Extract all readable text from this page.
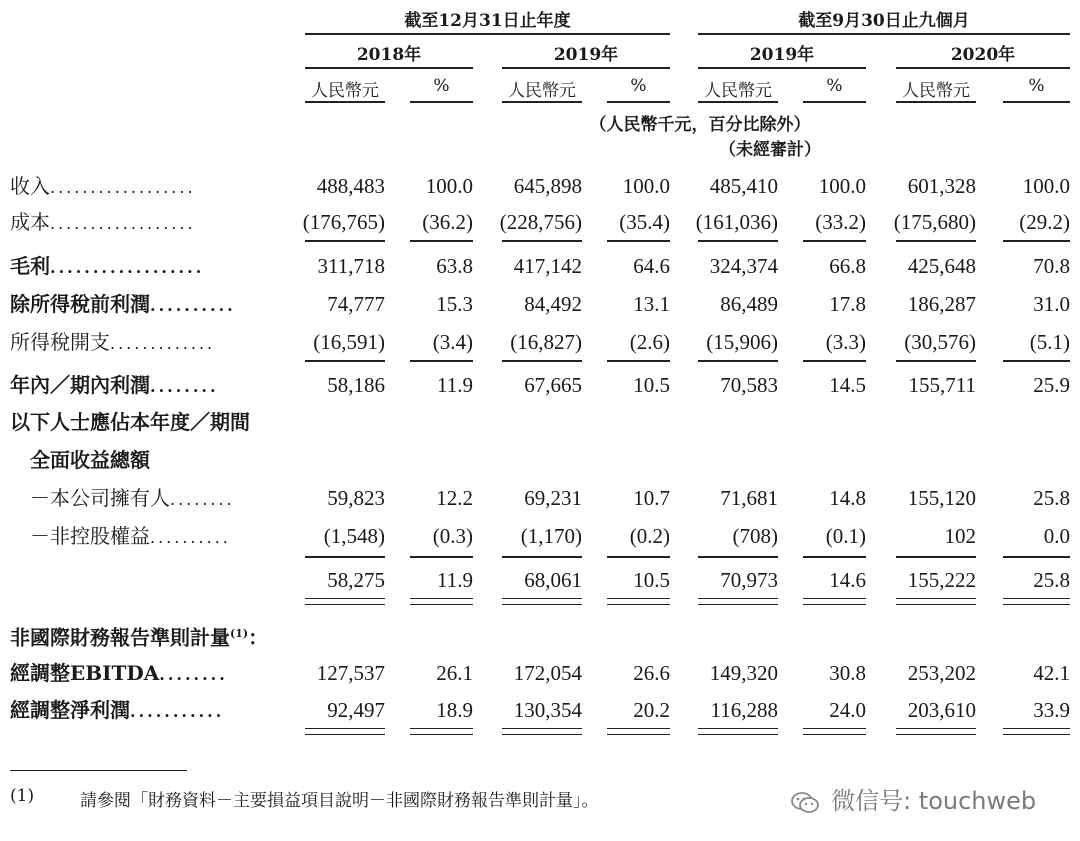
截至12月31日止年度	截至9月30日止九個月
2018年	2019年	2019年	2020年
人民幣元	%	人民幣元	%	人民幣元	%	人民幣元	%
（人民幣千元，百分比除外）
（未經審計）
收入..................	488,483	100.0	645,898	100.0	485,410	100.0	601,328	100.0
成本..................	(176,765)	(36.2)	(228,756)	(35.4)	(161,036)	(33.2)	(175,680)	(29.2)
毛利..................	311,718	63.8	417,142	64.6	324,374	66.8	425,648	70.8
除所得稅前利潤..........	74,777	15.3	84,492	13.1	86,489	17.8	186,287	31.0
所得稅開支.............	(16,591)	(3.4)	(16,827)	(2.6)	(15,906)	(3.3)	(30,576)	(5.1)
年內／期內利潤........	58,186	11.9	67,665	10.5	70,583	14.5	155,711	25.9
以下人士應佔本年度／期間
　全面收益總額
　－本公司擁有人........	59,823	12.2	69,231	10.7	71,681	14.8	155,120	25.8
　－非控股權益..........	(1,548)	(0.3)	(1,170)	(0.2)	(708)	(0.1)	102	0.0
58,275	11.9	68,061	10.5	70,973	14.6	155,222	25.8
非國際財務報告準則計量$^{(1)}$：
經調整EBITDA........	127,537	26.1	172,054	26.6	149,320	30.8	253,202	42.1
經調整淨利潤...........	92,497	18.9	130,354	20.2	116,288	24.0	203,610	33.9
(1)	請參閱「財務資料－主要損益項目說明－非國際財務報告準則計量」。	微信号: touchweb
